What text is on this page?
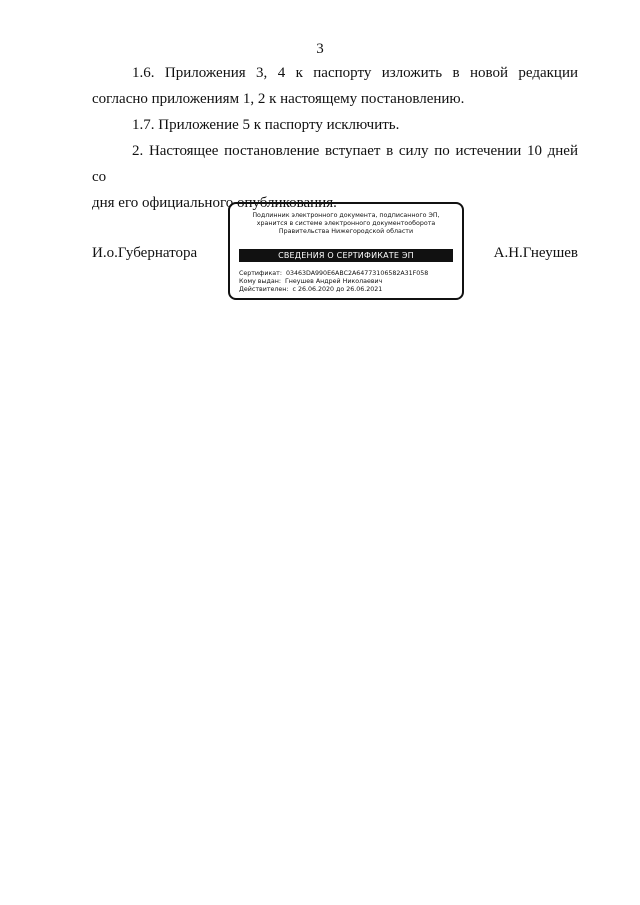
3
1.6. Приложения 3, 4 к паспорту изложить в новой редакции
согласно приложениям 1, 2 к настоящему постановлению.
1.7. Приложение 5 к паспорту исключить.
2. Настоящее постановление вступает в силу по истечении 10 дней со
дня его официального опубликования.
И.о.Губернатора
Подлинник электронного документа, подписанного ЭП,
хранится в системе электронного документооборота
Правительства Нижегородской области
СВЕДЕНИЯ О СЕРТИФИКАТЕ ЭП
Сертификат: 03463DA990E6ABC2A64773106582A31F058
Кому выдан: Гнеушев Андрей Николаевич
Действителен: с 26.06.2020 до 26.06.2021
А.Н.Гнеушев
